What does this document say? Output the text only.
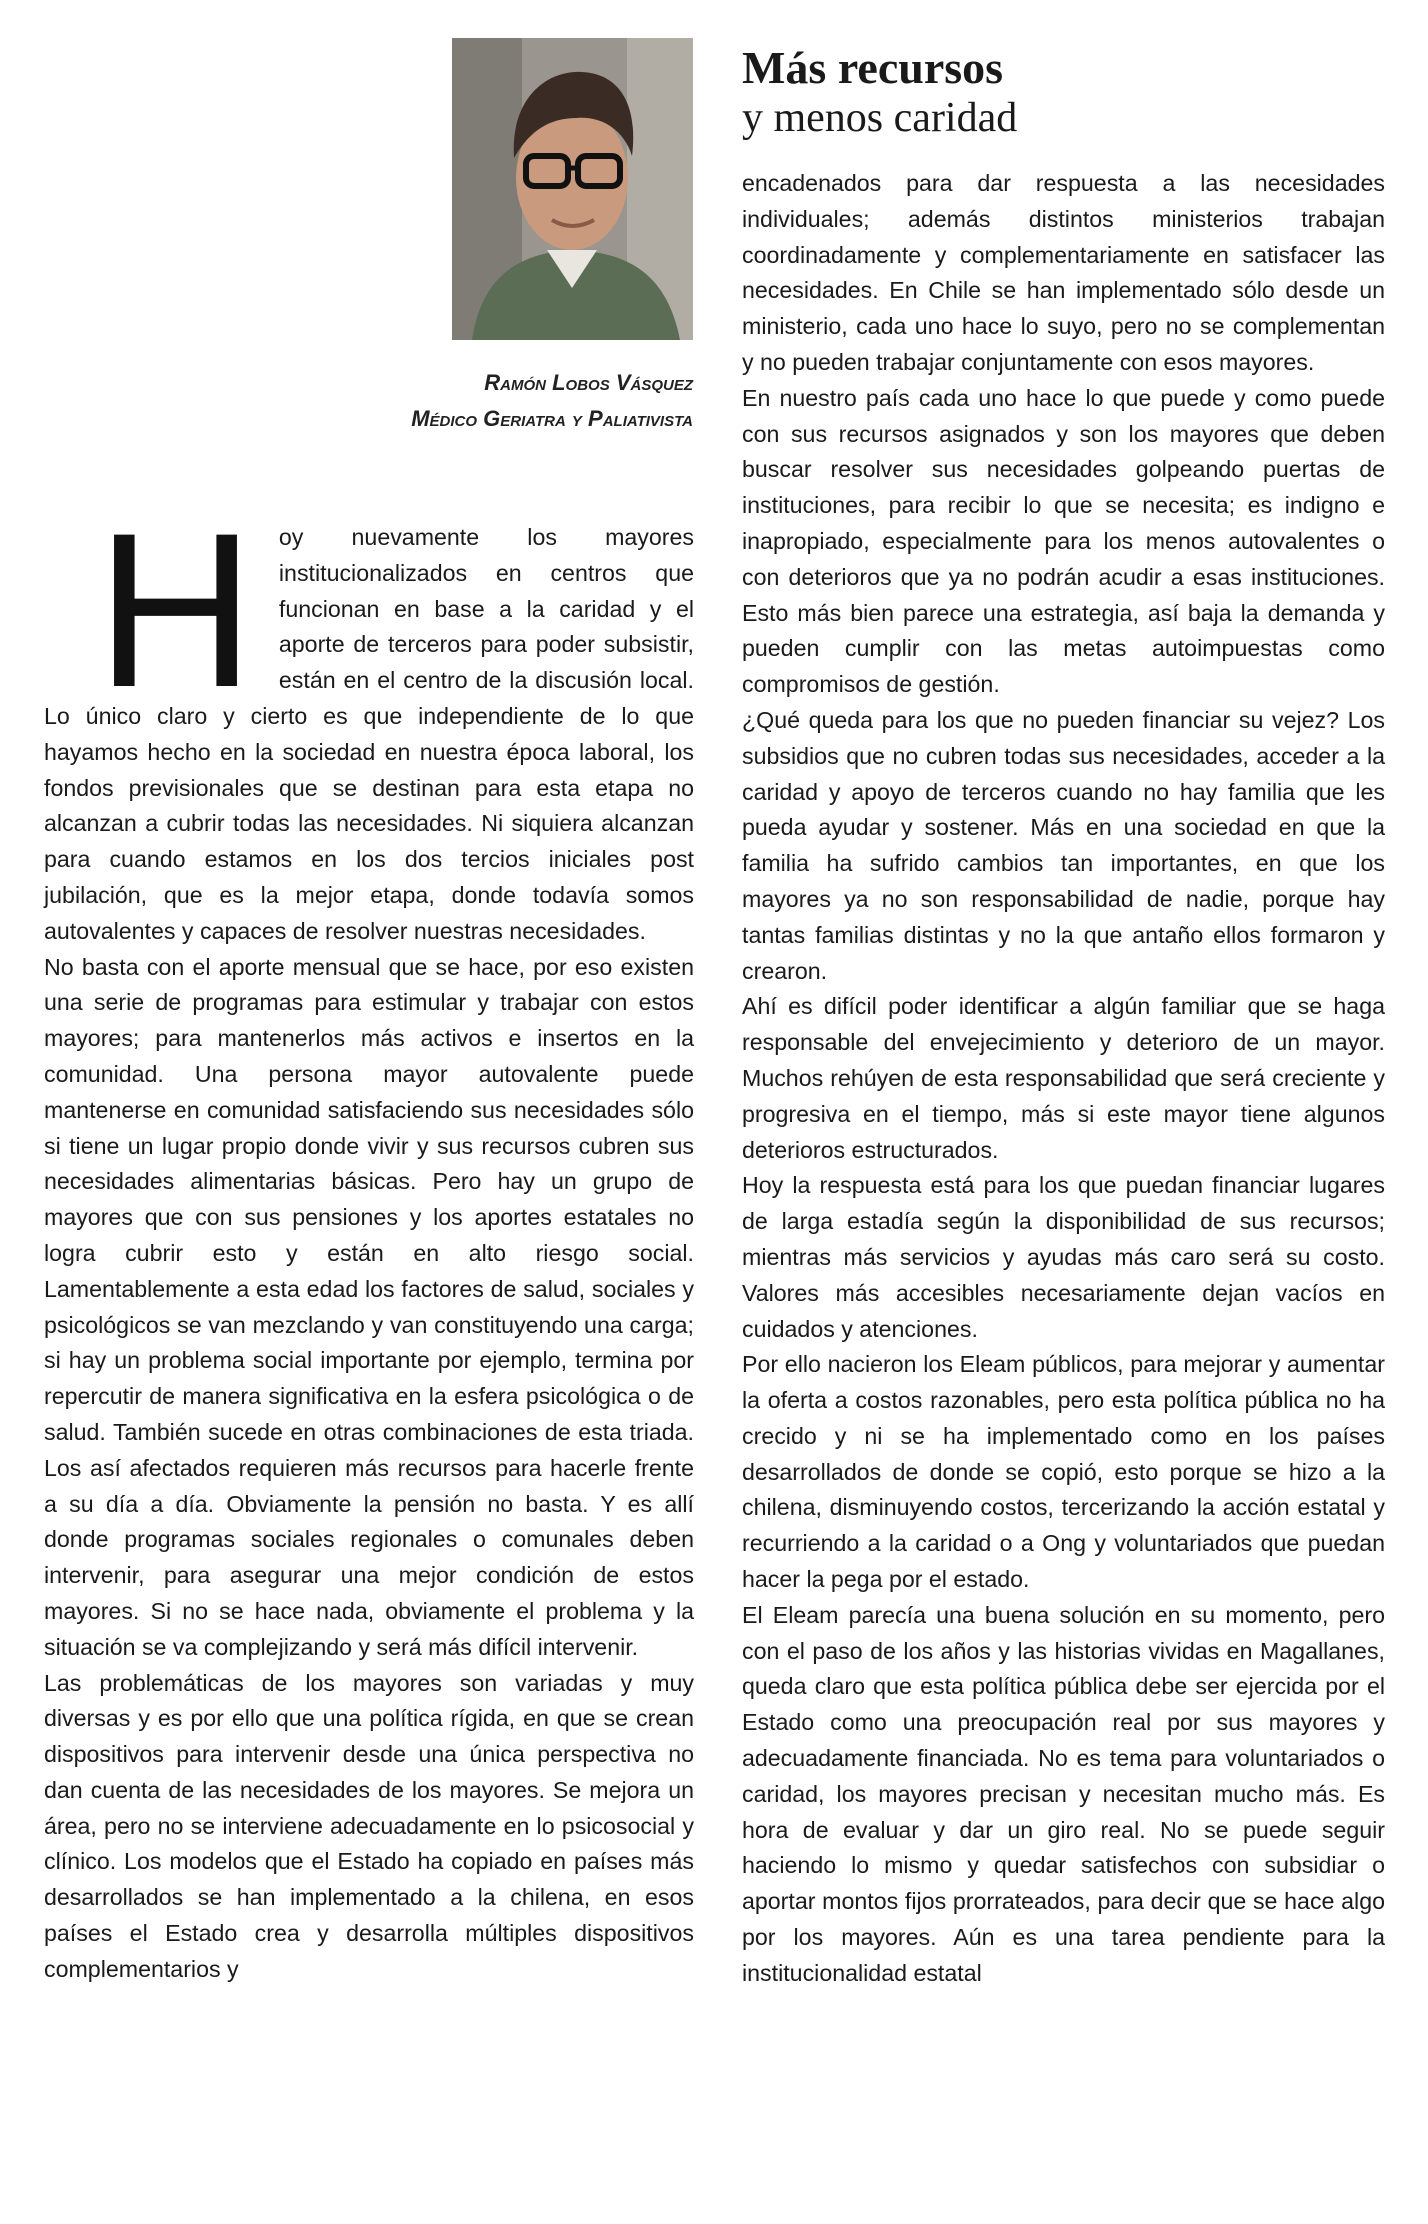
Ramón Lobos Vásquez
Médico Geriatra y Paliativista
Más recursos
y menos caridad
H	oy nuevamente los mayores institucionalizados en centros que funcionan en base a la caridad y el aporte de terceros para poder subsistir, están en el centro de la discusión local. Lo único claro y cierto es que independiente de lo que hayamos hecho en la sociedad en nuestra época laboral, los fondos previsionales que se destinan para esta etapa no alcanzan a cubrir todas las necesidades. Ni siquiera alcanzan para cuando estamos en los dos tercios iniciales post jubilación, que es la mejor etapa, donde todavía somos autovalentes y capaces de resolver nuestras necesidades.

No basta con el aporte mensual que se hace, por eso existen una serie de programas para estimular y trabajar con estos mayores; para mantenerlos más activos e insertos en la comunidad. Una persona mayor autovalente puede mantenerse en comunidad satisfaciendo sus necesidades sólo si tiene un lugar propio donde vivir y sus recursos cubren sus necesidades alimentarias básicas. Pero hay un grupo de mayores que con sus pensiones y los aportes estatales no logra cubrir esto y están en alto riesgo social. Lamentablemente a esta edad los factores de salud, sociales y psicológicos se van mezclando y van constituyendo una carga; si hay un problema social importante por ejemplo, termina por repercutir de manera significativa en la esfera psicológica o de salud. También sucede en otras combinaciones de esta triada. Los así afectados requieren más recursos para hacerle frente a su día a día. Obviamente la pensión no basta. Y es allí donde programas sociales regionales o comunales deben intervenir, para asegurar una mejor condición de estos mayores. Si no se hace nada, obviamente el problema y la situación se va complejizando y será más difícil intervenir.

Las problemáticas de los mayores son variadas y muy diversas y es por ello que una política rígida, en que se crean dispositivos para intervenir desde una única perspectiva no dan cuenta de las necesidades de los mayores. Se mejora un área, pero no se interviene adecuadamente en lo psicosocial y clínico. Los modelos que el Estado ha copiado en países más desarrollados se han implementado a la chilena, en esos países el Estado crea y desarrolla múltiples dispositivos complementarios y

encadenados para dar respuesta a las necesidades individuales; además distintos ministerios trabajan coordinadamente y complementariamente en satisfacer las necesidades. En Chile se han implementado sólo desde un ministerio, cada uno hace lo suyo, pero no se complementan y no pueden trabajar conjuntamente con esos mayores.

En nuestro país cada uno hace lo que puede y como puede con sus recursos asignados y son los mayores que deben buscar resolver sus necesidades golpeando puertas de instituciones, para recibir lo que se necesita; es indigno e inapropiado, especialmente para los menos autovalentes o con deterioros que ya no podrán acudir a esas instituciones. Esto más bien parece una estrategia, así baja la demanda y pueden cumplir con las metas autoimpuestas como compromisos de gestión.

¿Qué queda para los que no pueden financiar su vejez? Los subsidios que no cubren todas sus necesidades, acceder a la caridad y apoyo de terceros cuando no hay familia que les pueda ayudar y sostener. Más en una sociedad en que la familia ha sufrido cambios tan importantes, en que los mayores ya no son responsabilidad de nadie, porque hay tantas familias distintas y no la que antaño ellos formaron y crearon.

Ahí es difícil poder identificar a algún familiar que se haga responsable del envejecimiento y deterioro de un mayor. Muchos rehúyen de esta responsabilidad que será creciente y progresiva en el tiempo, más si este mayor tiene algunos deterioros estructurados.

Hoy la respuesta está para los que puedan financiar lugares de larga estadía según la disponibilidad de sus recursos; mientras más servicios y ayudas más caro será su costo. Valores más accesibles necesariamente dejan vacíos en cuidados y atenciones.

Por ello nacieron los Eleam públicos, para mejorar y aumentar la oferta a costos razonables, pero esta política pública no ha crecido y ni se ha implementado como en los países desarrollados de donde se copió, esto porque se hizo a la chilena, disminuyendo costos, tercerizando la acción estatal y recurriendo a la caridad o a Ong y voluntariados que puedan hacer la pega por el estado.

El Eleam parecía una buena solución en su momento, pero con el paso de los años y las historias vividas en Magallanes, queda claro que esta política pública debe ser ejercida por el Estado como una preocupación real por sus mayores y adecuadamente financiada. No es tema para voluntariados o caridad, los mayores precisan y necesitan mucho más. Es hora de evaluar y dar un giro real. No se puede seguir haciendo lo mismo y quedar satisfechos con subsidiar o aportar montos fijos prorrateados, para decir que se hace algo por los mayores. Aún es una tarea pendiente para la institucionalidad estatal
